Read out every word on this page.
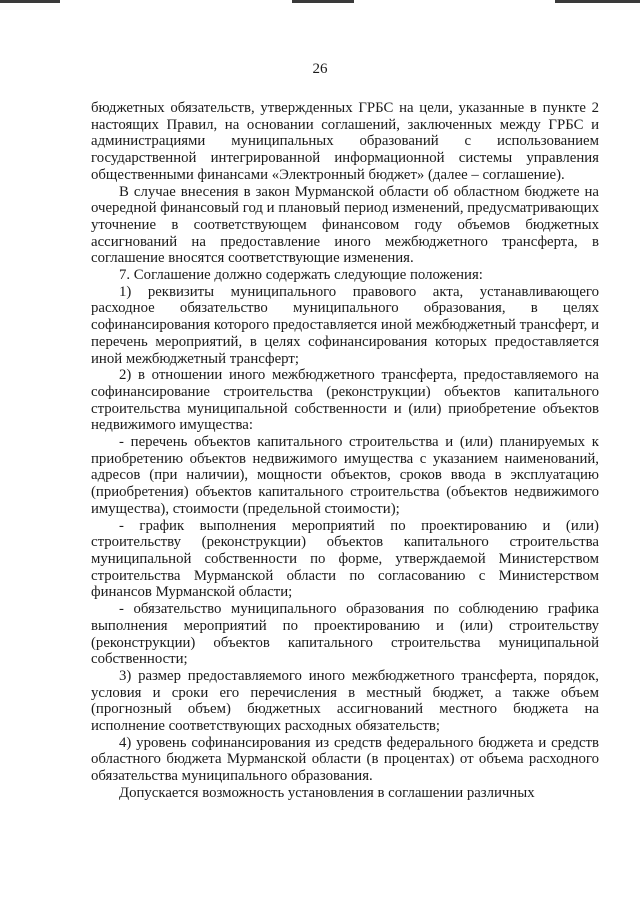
26

бюджетных обязательств, утвержденных ГРБС на цели, указанные в пункте 2 настоящих Правил, на основании соглашений, заключенных между ГРБС и администрациями муниципальных образований с использованием государственной интегрированной информационной системы управления общественными финансами «Электронный бюджет» (далее – соглашение).

В случае внесения в закон Мурманской области об областном бюджете на очередной финансовый год и плановый период изменений, предусматривающих уточнение в соответствующем финансовом году объемов бюджетных ассигнований на предоставление иного межбюджетного трансферта, в соглашение вносятся соответствующие изменения.

7. Соглашение должно содержать следующие положения:

1) реквизиты муниципального правового акта, устанавливающего расходное обязательство муниципального образования, в целях софинансирования которого предоставляется иной межбюджетный трансферт, и перечень мероприятий, в целях софинансирования которых предоставляется иной межбюджетный трансферт;

2) в отношении иного межбюджетного трансферта, предоставляемого на софинансирование строительства (реконструкции) объектов капитального строительства муниципальной собственности и (или) приобретение объектов недвижимого имущества:

- перечень объектов капитального строительства и (или) планируемых к приобретению объектов недвижимого имущества с указанием наименований, адресов (при наличии), мощности объектов, сроков ввода в эксплуатацию (приобретения) объектов капитального строительства (объектов недвижимого имущества), стоимости (предельной стоимости);

- график выполнения мероприятий по проектированию и (или) строительству (реконструкции) объектов капитального строительства муниципальной собственности по форме, утверждаемой Министерством строительства Мурманской области по согласованию с Министерством финансов Мурманской области;

- обязательство муниципального образования по соблюдению графика выполнения мероприятий по проектированию и (или) строительству (реконструкции) объектов капитального строительства муниципальной собственности;

3) размер предоставляемого иного межбюджетного трансферта, порядок, условия и сроки его перечисления в местный бюджет, а также объем (прогнозный объем) бюджетных ассигнований местного бюджета на исполнение соответствующих расходных обязательств;

4) уровень софинансирования из средств федерального бюджета и средств областного бюджета Мурманской области (в процентах) от объема расходного обязательства муниципального образования.

Допускается возможность установления в соглашении различных
